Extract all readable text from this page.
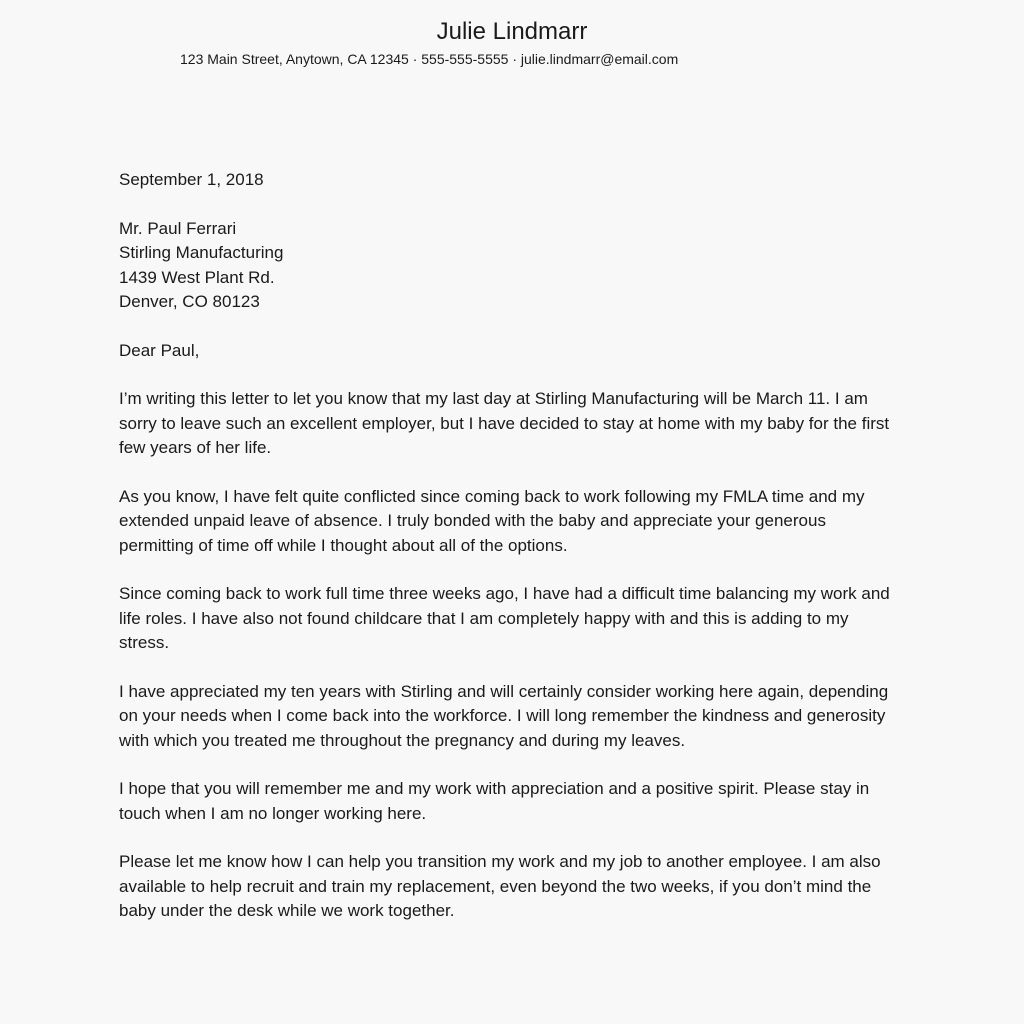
Julie Lindmarr
123 Main Street, Anytown, CA 12345 · 555-555-5555 · julie.lindmarr@email.com
September 1, 2018
Mr. Paul Ferrari
Stirling Manufacturing
1439 West Plant Rd.
Denver, CO 80123

Dear Paul,

I’m writing this letter to let you know that my last day at Stirling Manufacturing will be March 11. I am sorry to leave such an excellent employer, but I have decided to stay at home with my baby for the first few years of her life.

As you know, I have felt quite conflicted since coming back to work following my FMLA time and my extended unpaid leave of absence. I truly bonded with the baby and appreciate your generous permitting of time off while I thought about all of the options.

Since coming back to work full time three weeks ago, I have had a difficult time balancing my work and life roles. I have also not found childcare that I am completely happy with and this is adding to my stress.

I have appreciated my ten years with Stirling and will certainly consider working here again, depending on your needs when I come back into the workforce. I will long remember the kindness and generosity with which you treated me throughout the pregnancy and during my leaves.

I hope that you will remember me and my work with appreciation and a positive spirit. Please stay in touch when I am no longer working here.

Please let me know how I can help you transition my work and my job to another employee. I am also available to help recruit and train my replacement, even beyond the two weeks, if you don’t mind the baby under the desk while we work together.
